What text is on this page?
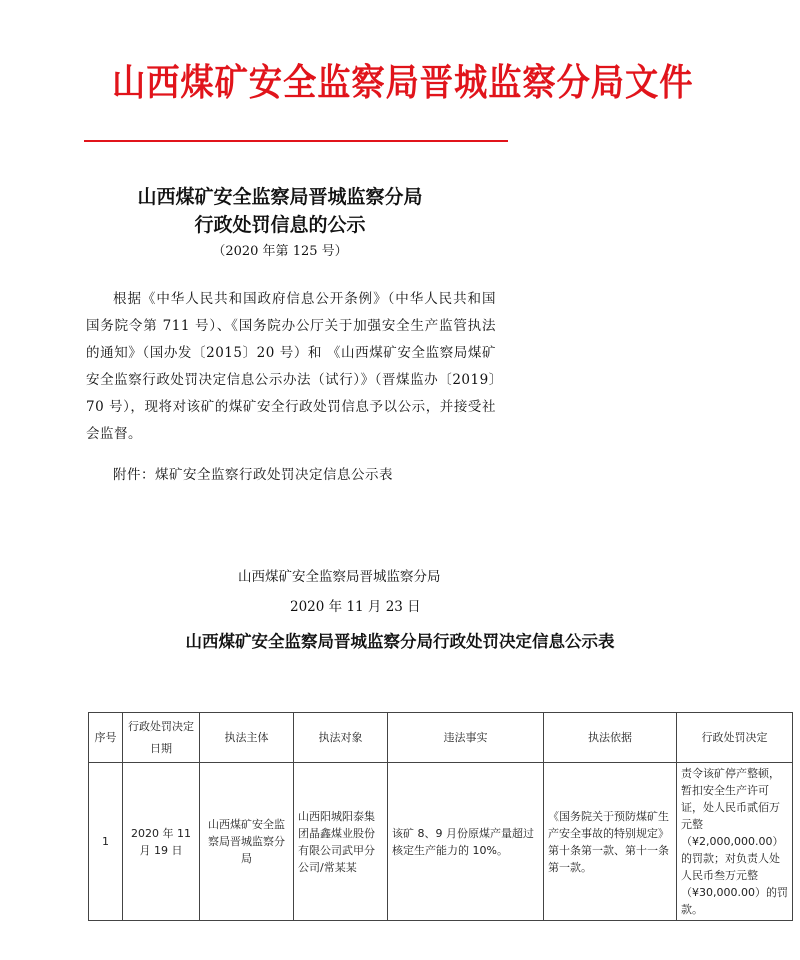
山西煤矿安全监察局晋城监察分局文件
山西煤矿安全监察局晋城监察分局
行政处罚信息的公示
（2020 年第 125 号）

根据《中华人民共和国政府信息公开条例》（中华人民共和国国务院令第 711 号）、《国务院办公厅关于加强安全生产监管执法的通知》（国办发〔2015〕20 号）和 《山西煤矿安全监察局煤矿安全监察行政处罚决定信息公示办法（试行）》（晋煤监办〔2019〕70 号），现将对该矿的煤矿安全行政处罚信息予以公示，并接受社会监督。

附件：煤矿安全监察行政处罚决定信息公示表
山西煤矿安全监察局晋城监察分局
2020 年 11 月 23 日
山西煤矿安全监察局晋城监察分局行政处罚决定信息公示表
序号	行政处罚决定日期	执法主体	执法对象	违法事实	执法依据	行政处罚决定
1	2020 年 11 月 19 日	山西煤矿安全监察局晋城监察分局	山西阳城阳泰集团晶鑫煤业股份有限公司武甲分公司/常某某	该矿 8、9 月份原煤产量超过核定生产能力的 10%。	《国务院关于预防煤矿生产安全事故的特别规定》第十条第一款、第十一条第一款。	责令该矿停产整顿，暂扣安全生产许可证，处人民币贰佰万元整（¥2,000,000.00）的罚款；对负责人处人民币叁万元整（¥30,000.00）的罚款。
